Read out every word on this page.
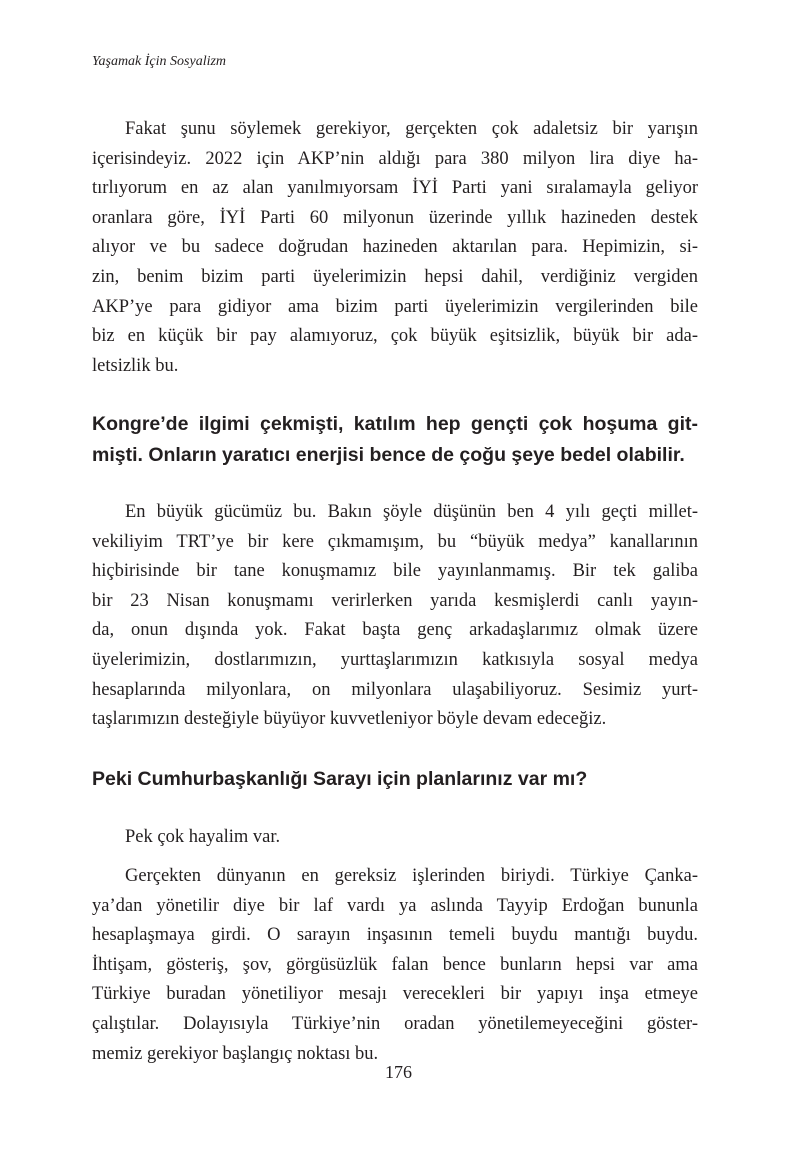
Yaşamak İçin Sosyalizm
Fakat şunu söylemek gerekiyor, gerçekten çok adaletsiz bir yarışın
içerisindeyiz. 2022 için AKP’nin aldığı para 380 milyon lira diye ha-
tırlıyorum en az alan yanılmıyorsam İYİ Parti yani sıralamayla geliyor
oranlara göre, İYİ Parti 60 milyonun üzerinde yıllık hazineden destek
alıyor ve bu sadece doğrudan hazineden aktarılan para. Hepimizin, si-
zin, benim bizim parti üyelerimizin hepsi dahil, verdiğiniz vergiden
AKP’ye para gidiyor ama bizim parti üyelerimizin vergilerinden bile
biz en küçük bir pay alamıyoruz, çok büyük eşitsizlik, büyük bir ada-
letsizlik bu.
Kongre’de ilgimi çekmişti, katılım hep gençti çok hoşuma git-
mişti. Onların yaratıcı enerjisi bence de çoğu şeye bedel olabilir.
En büyük gücümüz bu. Bakın şöyle düşünün ben 4 yılı geçti millet-
vekiliyim TRT’ye bir kere çıkmamışım, bu “büyük medya” kanallarının
hiçbirisinde bir tane konuşmamız bile yayınlanmamış. Bir tek galiba
bir 23 Nisan konuşmamı verirlerken yarıda kesmişlerdi canlı yayın-
da, onun dışında yok. Fakat başta genç arkadaşlarımız olmak üzere
üyelerimizin, dostlarımızın, yurttaşlarımızın katkısıyla sosyal medya
hesaplarında milyonlara, on milyonlara ulaşabiliyoruz. Sesimiz yurt-
taşlarımızın desteğiyle büyüyor kuvvetleniyor böyle devam edeceğiz.
Peki Cumhurbaşkanlığı Sarayı için planlarınız var mı?
Pek çok hayalim var.
Gerçekten dünyanın en gereksiz işlerinden biriydi. Türkiye Çanka-
ya’dan yönetilir diye bir laf vardı ya aslında Tayyip Erdoğan bununla
hesaplaşmaya girdi. O sarayın inşasının temeli buydu mantığı buydu.
İhtişam, gösteriş, şov, görgüsüzlük falan bence bunların hepsi var ama
Türkiye buradan yönetiliyor mesajı verecekleri bir yapıyı inşa etmeye
çalıştılar. Dolayısıyla Türkiye’nin oradan yönetilemeyeceğini göster-
memiz gerekiyor başlangıç noktası bu.
176
